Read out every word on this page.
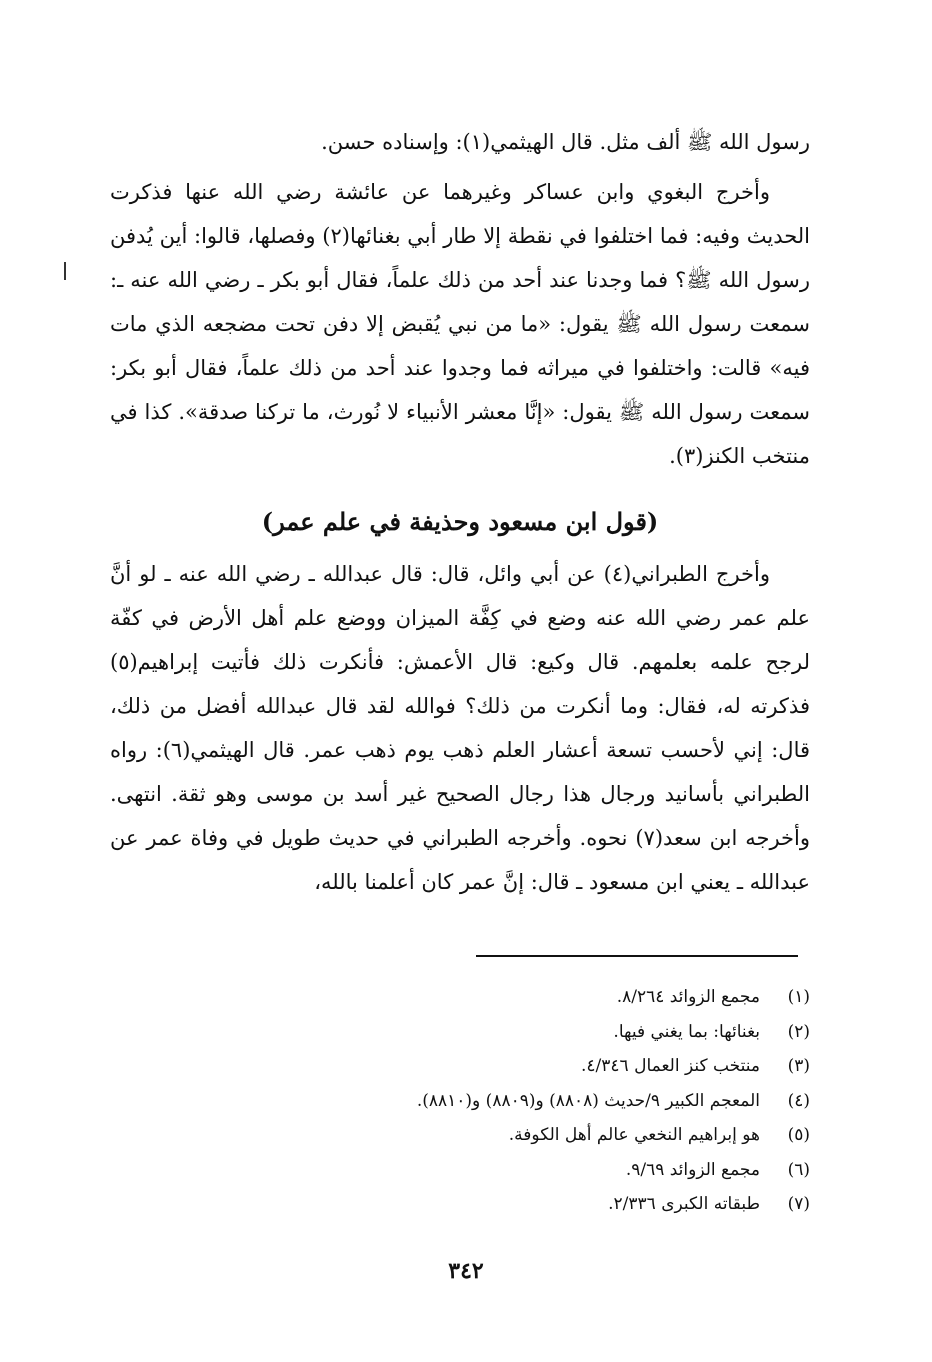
رسول الله ﷺ ألف مثل. قال الهيثمي(١): وإسناده حسن.

وأخرج البغوي وابن عساكر وغيرهما عن عائشة رضي الله عنها فذكرت الحديث وفيه: فما اختلفوا في نقطة إلا طار أبي بغنائها(٢) وفصلها، قالوا: أين يُدفن رسول الله ﷺ؟ فما وجدنا عند أحد من ذلك علماً، فقال أبو بكر ـ رضي الله عنه ـ: سمعت رسول الله ﷺ يقول: «ما من نبي يُقبض إلا دفن تحت مضجعه الذي مات فيه» قالت: واختلفوا في ميراثه فما وجدوا عند أحد من ذلك علماً، فقال أبو بكر: سمعت رسول الله ﷺ يقول: «إنَّا معشر الأنبياء لا نُورث، ما تركنا صدقة». كذا في منتخب الكنز(٣).

(قول ابن مسعود وحذيفة في علم عمر)

وأخرج الطبراني(٤) عن أبي وائل، قال: قال عبدالله ـ رضي الله عنه ـ لو أنَّ علم عمر رضي الله عنه وضع في كِفَّة الميزان ووضع علم أهل الأرض في كفّة لرجح علمه بعلمهم. قال وكيع: قال الأعمش: فأنكرت ذلك فأتيت إبراهيم(٥) فذكرته له، فقال: وما أنكرت من ذلك؟ فوالله لقد قال عبدالله أفضل من ذلك، قال: إني لأحسب تسعة أعشار العلم ذهب يوم ذهب عمر. قال الهيثمي(٦): رواه الطبراني بأسانيد ورجال هذا رجال الصحيح غير أسد بن موسى وهو ثقة. انتهى. وأخرجه ابن سعد(٧) نحوه. وأخرجه الطبراني في حديث طويل في وفاة عمر عن عبدالله ـ يعني ابن مسعود ـ قال: إنَّ عمر كان أعلمنا بالله،

(١)مجمع الزوائد ٨/٢٦٤.
(٢)بغنائها: بما يغني فيها.
(٣)منتخب كنز العمال ٤/٣٤٦.
(٤)المعجم الكبير ٩/حديث (٨٨٠٨) و(٨٨٠٩) و(٨٨١٠).
(٥)هو إبراهيم النخعي عالم أهل الكوفة.
(٦)مجمع الزوائد ٩/٦٩.
(٧)طبقاته الكبرى ٢/٣٣٦.
٣٤٢
